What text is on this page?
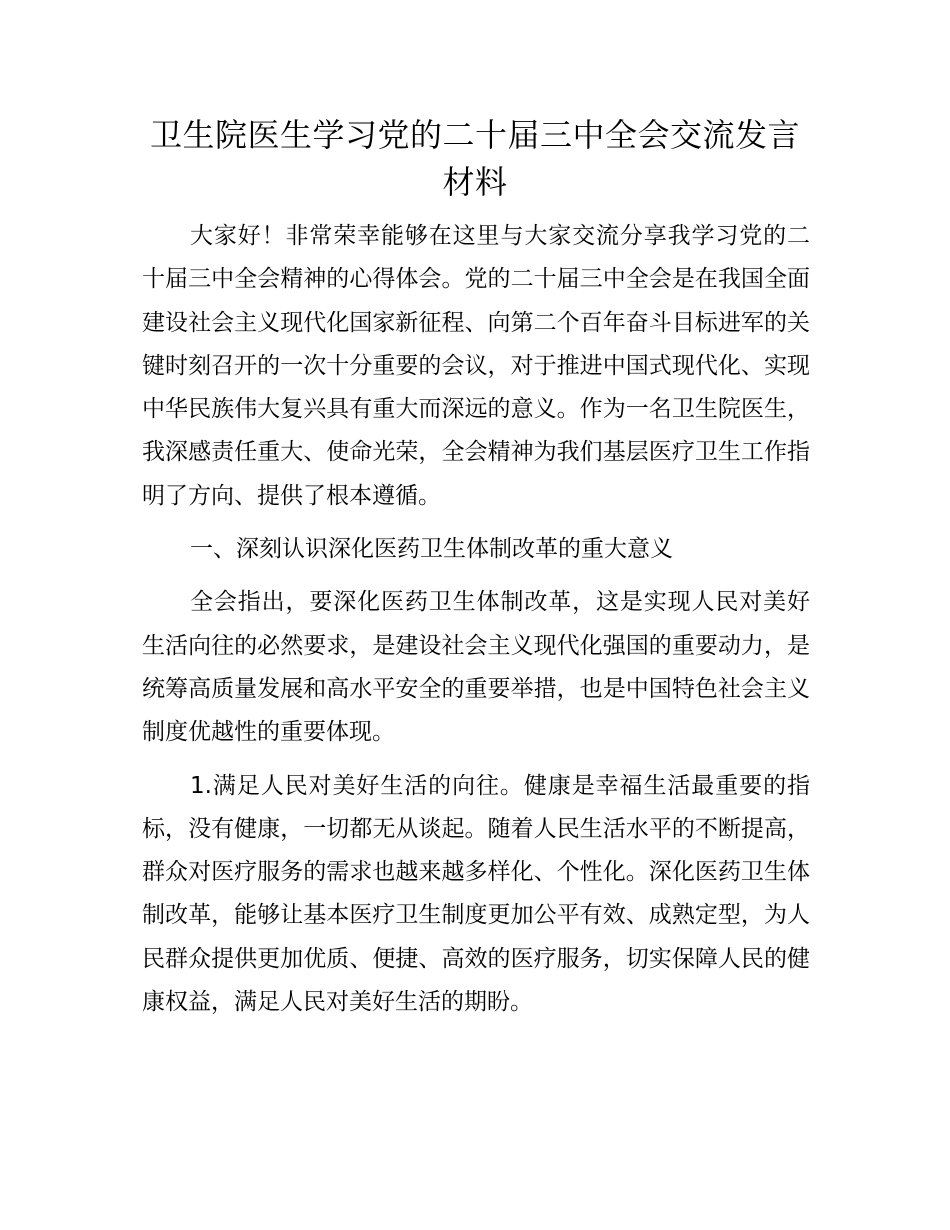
卫生院医生学习党的二十届三中全会交流发言材料

大家好！非常荣幸能够在这里与大家交流分享我学习党的二十届三中全会精神的心得体会。党的二十届三中全会是在我国全面建设社会主义现代化国家新征程、向第二个百年奋斗目标进军的关键时刻召开的一次十分重要的会议，对于推进中国式现代化、实现中华民族伟大复兴具有重大而深远的意义。作为一名卫生院医生，我深感责任重大、使命光荣，全会精神为我们基层医疗卫生工作指明了方向、提供了根本遵循。

一、深刻认识深化医药卫生体制改革的重大意义

全会指出，要深化医药卫生体制改革，这是实现人民对美好生活向往的必然要求，是建设社会主义现代化强国的重要动力，是统筹高质量发展和高水平安全的重要举措，也是中国特色社会主义制度优越性的重要体现。

1.满足人民对美好生活的向往。健康是幸福生活最重要的指标，没有健康，一切都无从谈起。随着人民生活水平的不断提高，群众对医疗服务的需求也越来越多样化、个性化。深化医药卫生体制改革，能够让基本医疗卫生制度更加公平有效、成熟定型，为人民群众提供更加优质、便捷、高效的医疗服务，切实保障人民的健康权益，满足人民对美好生活的期盼。
